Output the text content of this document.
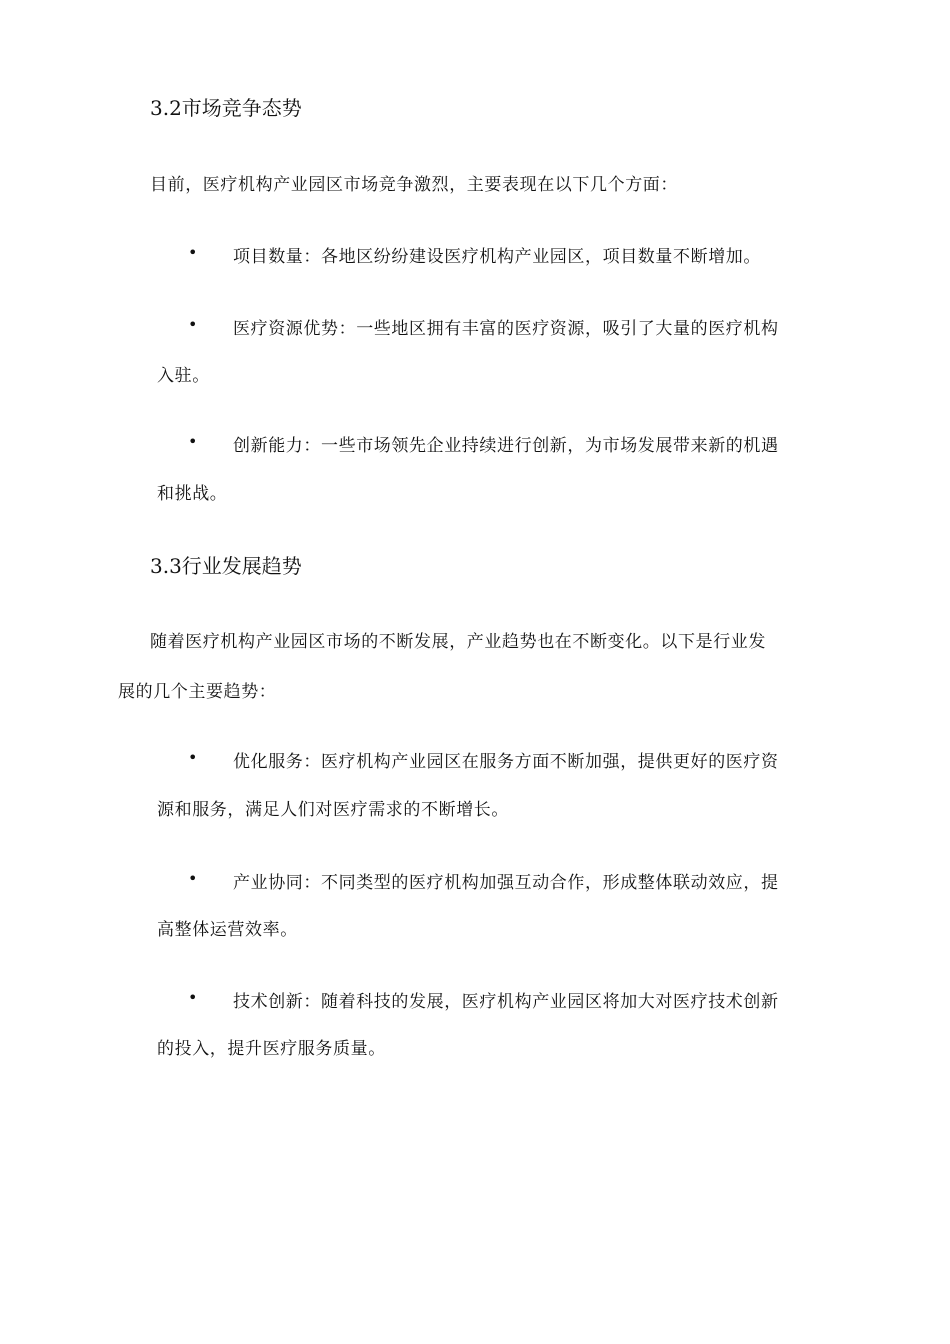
3.2市场竞争态势
目前，医疗机构产业园区市场竞争激烈，主要表现在以下几个方面：
• 项目数量：各地区纷纷建设医疗机构产业园区，项目数量不断增加。
• 医疗资源优势：一些地区拥有丰富的医疗资源，吸引了大量的医疗机构
入驻。
• 创新能力：一些市场领先企业持续进行创新，为市场发展带来新的机遇
和挑战。
3.3行业发展趋势
随着医疗机构产业园区市场的不断发展，产业趋势也在不断变化。以下是行业发
展的几个主要趋势：
• 优化服务：医疗机构产业园区在服务方面不断加强，提供更好的医疗资
源和服务，满足人们对医疗需求的不断增长。
• 产业协同：不同类型的医疗机构加强互动合作，形成整体联动效应，提
高整体运营效率。
• 技术创新：随着科技的发展，医疗机构产业园区将加大对医疗技术创新
的投入，提升医疗服务质量。
